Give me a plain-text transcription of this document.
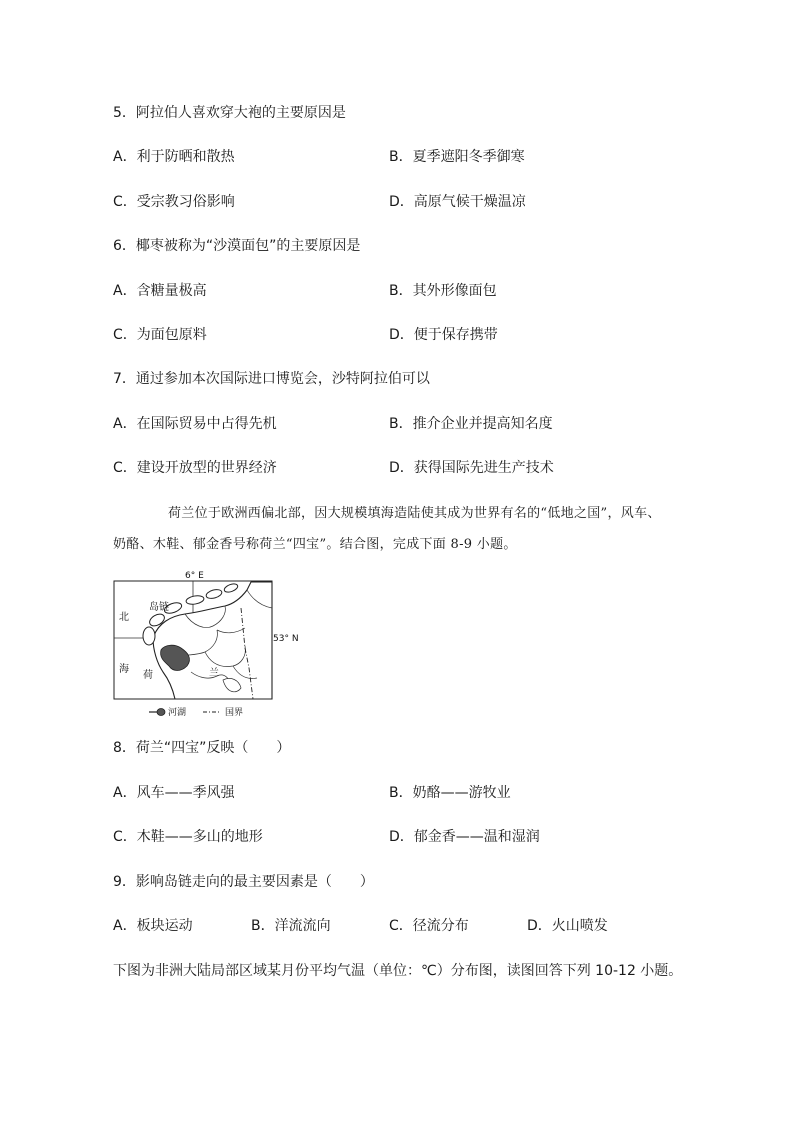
5．阿拉伯人喜欢穿大袍的主要原因是
A．利于防晒和散热	B．夏季遮阳冬季御寒
C．受宗教习俗影响	D．高原气候干燥温凉
6．椰枣被称为“沙漠面包”的主要原因是
A．含糖量极高	B．其外形像面包
C．为面包原料	D．便于保存携带
7．通过参加本次国际进口博览会，沙特阿拉伯可以
A．在国际贸易中占得先机	B．推介企业并提高知名度
C．建设开放型的世界经济	D．获得国际先进生产技术
荷兰位于欧洲西偏北部，因大规模填海造陆使其成为世界有名的“低地之国”，风车、
奶酪、木鞋、郁金香号称荷兰“四宝”。结合图，完成下面 8-9 小题。
6° E
53° N
北
海
岛链
荷	兰
河湖	国界
8．荷兰“四宝”反映（　　）
A．风车——季风强	B．奶酪——游牧业
C．木鞋——多山的地形	D．郁金香——温和湿润
9．影响岛链走向的最主要因素是（　　）
A．板块运动	B．洋流流向	C．径流分布	D．火山喷发
下图为非洲大陆局部区域某月份平均气温（单位：℃）分布图，读图回答下列 10-12 小题。
